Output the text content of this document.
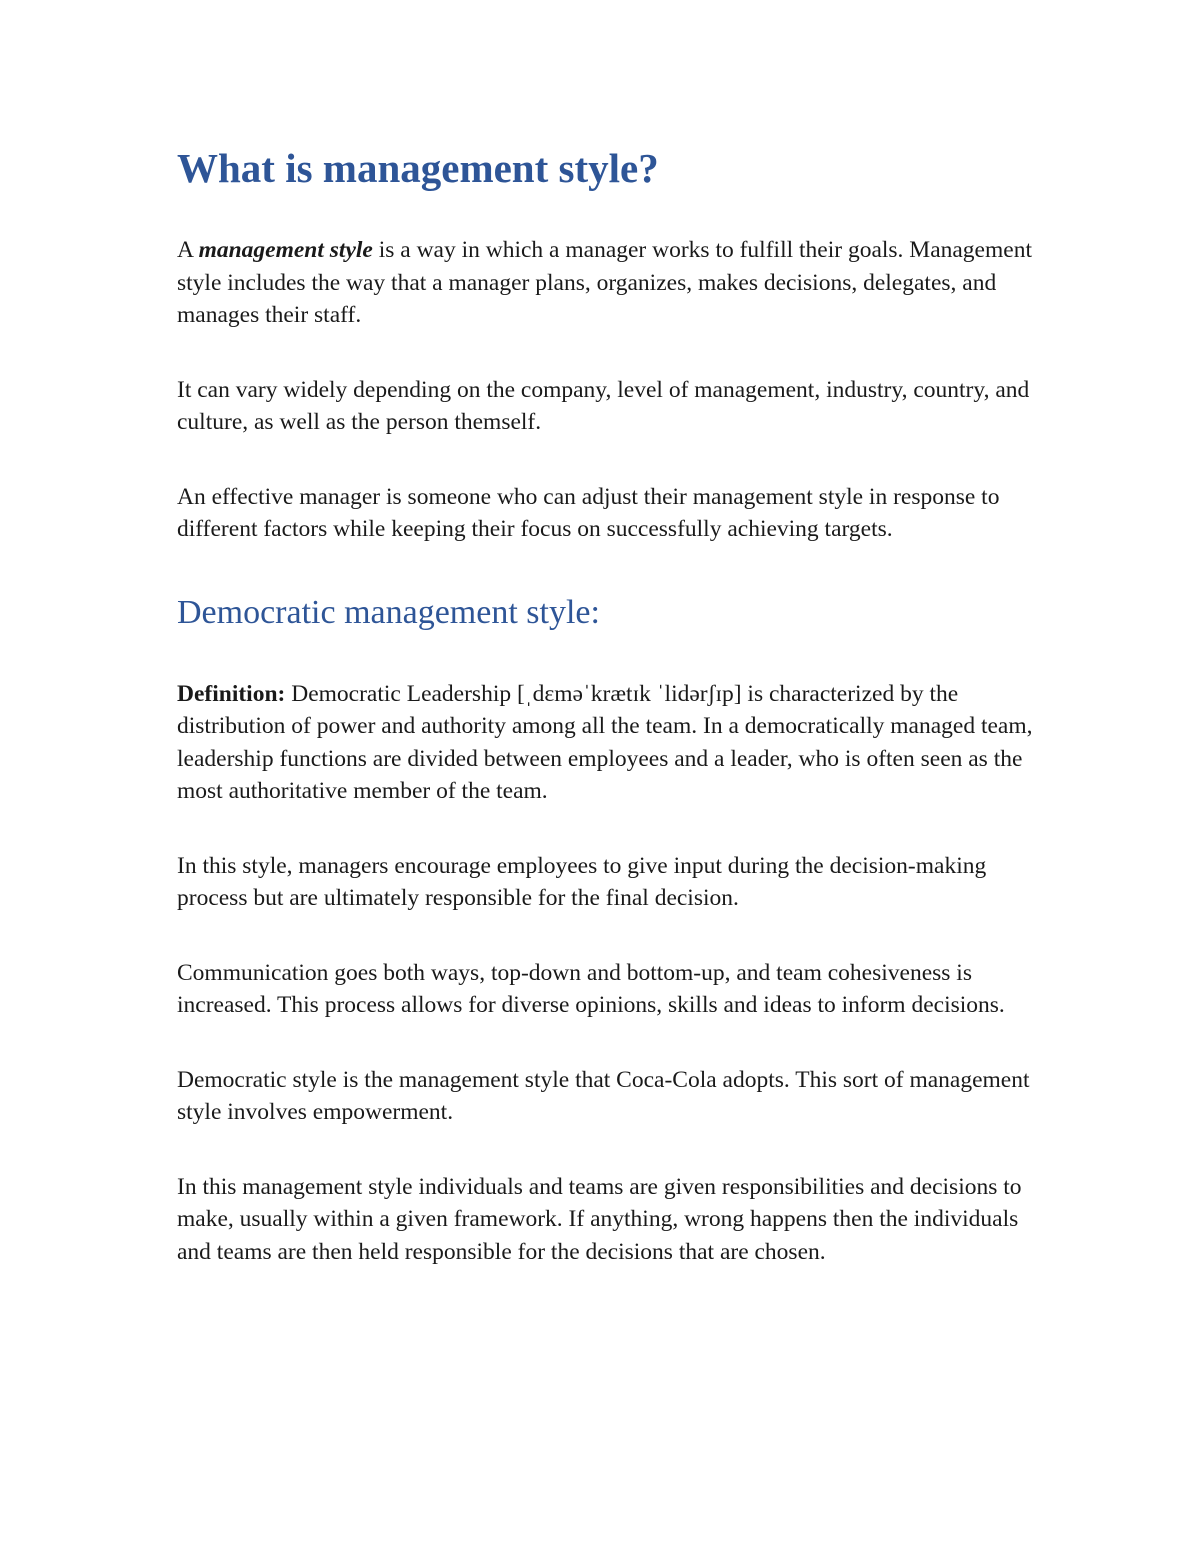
What is management style?

A management style is a way in which a manager works to fulfill their goals. Management style includes the way that a manager plans, organizes, makes decisions, delegates, and manages their staff.

It can vary widely depending on the company, level of management, industry, country, and culture, as well as the person themself.

An effective manager is someone who can adjust their management style in response to different factors while keeping their focus on successfully achieving targets.

Democratic management style:

Definition: Democratic Leadership [ˌdɛməˈkrætɪk ˈlidərʃɪp] is characterized by the distribution of power and authority among all the team. In a democratically managed team, leadership functions are divided between employees and a leader, who is often seen as the most authoritative member of the team.

In this style, managers encourage employees to give input during the decision-making process but are ultimately responsible for the final decision.

Communication goes both ways, top-down and bottom-up, and team cohesiveness is increased. This process allows for diverse opinions, skills and ideas to inform decisions.

Democratic style is the management style that Coca-Cola adopts. This sort of management style involves empowerment.

In this management style individuals and teams are given responsibilities and decisions to make, usually within a given framework. If anything, wrong happens then the individuals and teams are then held responsible for the decisions that are chosen.
